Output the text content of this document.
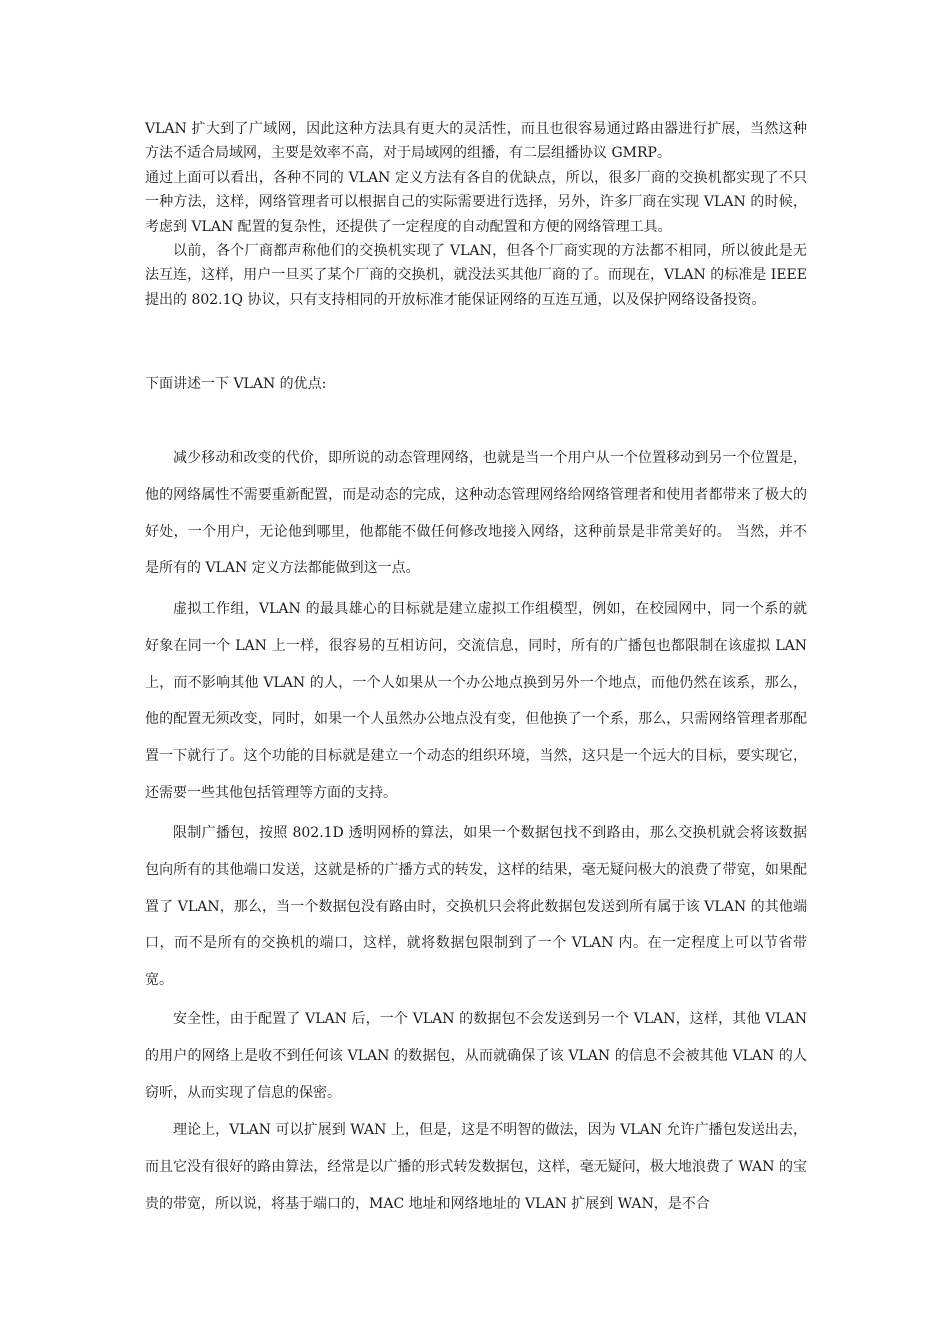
VLAN 扩大到了广域网，因此这种方法具有更大的灵活性，而且也很容易通过路由器进行扩展，当然这种方法不适合局域网，主要是效率不高，对于局域网的组播，有二层组播协议 GMRP。

通过上面可以看出，各种不同的 VLAN 定义方法有各自的优缺点，所以，很多厂商的交换机都实现了不只一种方法，这样，网络管理者可以根据自己的实际需要进行选择，另外，许多厂商在实现 VLAN 的时候，考虑到 VLAN 配置的复杂性，还提供了一定程度的自动配置和方便的网络管理工具。

以前，各个厂商都声称他们的交换机实现了 VLAN，但各个厂商实现的方法都不相同，所以彼此是无法互连，这样，用户一旦买了某个厂商的交换机，就没法买其他厂商的了。而现在，VLAN 的标准是 IEEE 提出的 802.1Q 协议，只有支持相同的开放标准才能保证网络的互连互通，以及保护网络设备投资。

下面讲述一下 VLAN 的优点:

减少移动和改变的代价，即所说的动态管理网络，也就是当一个用户从一个位置移动到另一个位置是，他的网络属性不需要重新配置，而是动态的完成，这种动态管理网络给网络管理者和使用者都带来了极大的好处，一个用户，无论他到哪里，他都能不做任何修改地接入网络，这种前景是非常美好的。 当然，并不是所有的 VLAN 定义方法都能做到这一点。

虚拟工作组，VLAN 的最具雄心的目标就是建立虚拟工作组模型，例如，在校园网中，同一个系的就好象在同一个 LAN 上一样，很容易的互相访问，交流信息，同时，所有的广播包也都限制在该虚拟 LAN 上，而不影响其他 VLAN 的人，一个人如果从一个办公地点换到另外一个地点，而他仍然在该系，那么，他的配置无须改变，同时，如果一个人虽然办公地点没有变，但他换了一个系，那么，只需网络管理者那配置一下就行了。这个功能的目标就是建立一个动态的组织环境，当然，这只是一个远大的目标，要实现它，还需要一些其他包括管理等方面的支持。

限制广播包，按照 802.1D 透明网桥的算法，如果一个数据包找不到路由，那么交换机就会将该数据包向所有的其他端口发送，这就是桥的广播方式的转发，这样的结果，毫无疑问极大的浪费了带宽，如果配置了 VLAN，那么，当一个数据包没有路由时，交换机只会将此数据包发送到所有属于该 VLAN 的其他端口，而不是所有的交换机的端口，这样，就将数据包限制到了一个 VLAN 内。在一定程度上可以节省带宽。

安全性，由于配置了 VLAN 后，一个 VLAN 的数据包不会发送到另一个 VLAN，这样，其他 VLAN 的用户的网络上是收不到任何该 VLAN 的数据包，从而就确保了该 VLAN 的信息不会被其他 VLAN 的人窃听，从而实现了信息的保密。

理论上，VLAN 可以扩展到 WAN 上，但是，这是不明智的做法，因为 VLAN 允许广播包发送出去，而且它没有很好的路由算法，经常是以广播的形式转发数据包，这样，毫无疑问，极大地浪费了 WAN 的宝贵的带宽，所以说，将基于端口的，MAC 地址和网络地址的 VLAN 扩展到 WAN，是不合
